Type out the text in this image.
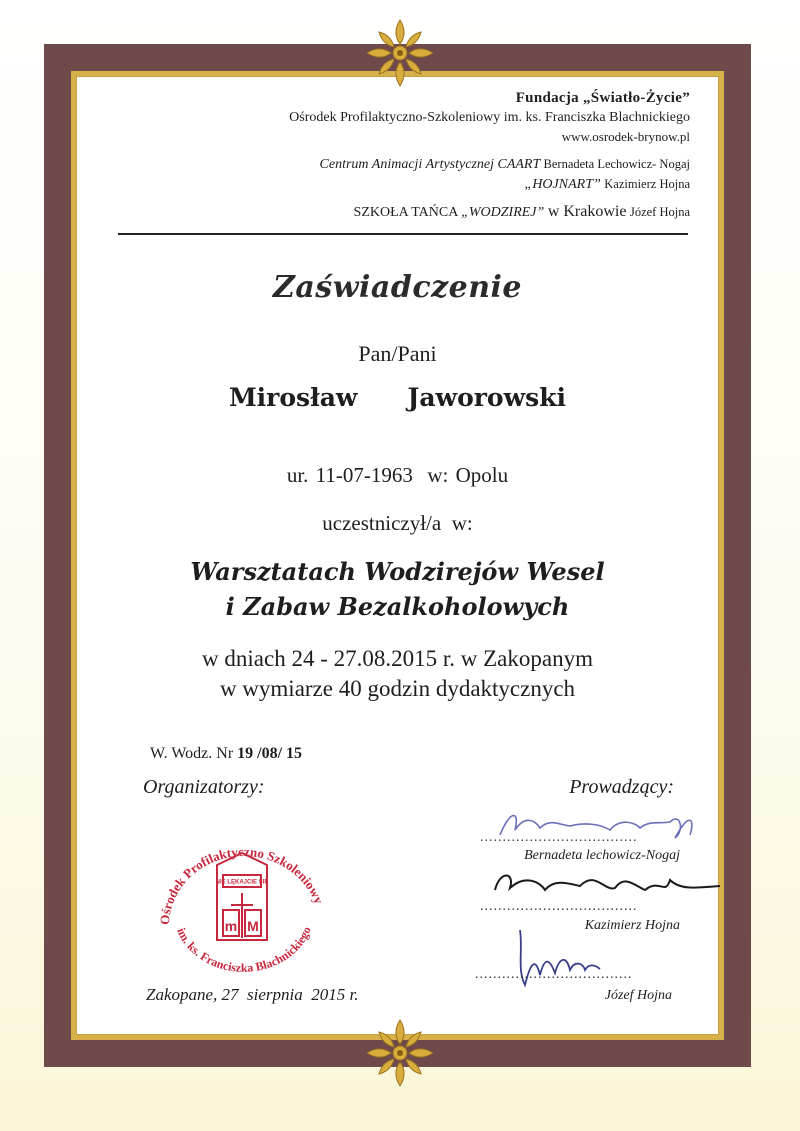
Fundacja „Światło-Życie”
Ośrodek Profilaktyczno-Szkoleniowy im. ks. Franciszka Blachnickiego
www.osrodek-brynow.pl
Centrum Animacji Artystycznej CAART Bernadeta Lechowicz- Nogaj
„HOJNART” Kazimierz Hojna
SZKOŁA TAŃCA „WODZIREJ” w Krakowie Józef Hojna
Zaświadczenie
Pan/Pani
Mirosław   Jaworowski
ur. 11-07-1963  w: Opolu
uczestniczył/a  w:
Warsztatach Wodzirejów Wesel
i Zabaw Bezalkoholowych
w dniach 24 - 27.08.2015 r. w Zakopanym
w wymiarze 40 godzin dydaktycznych
W. Wodz. Nr 19 /08/ 15
Organizatorzy:	Prowadzący:
Ośrodek Profilaktyczno Szkoleniowy
im. ks. Franciszka Blachnickiego
NIE LĘKAJCIE SIĘ
m M
Zakopane, 27  sierpnia  2015 r.
...................................
Bernadeta lechowicz-Nogaj
...................................
Kazimierz Hojna
...................................
Józef Hojna
